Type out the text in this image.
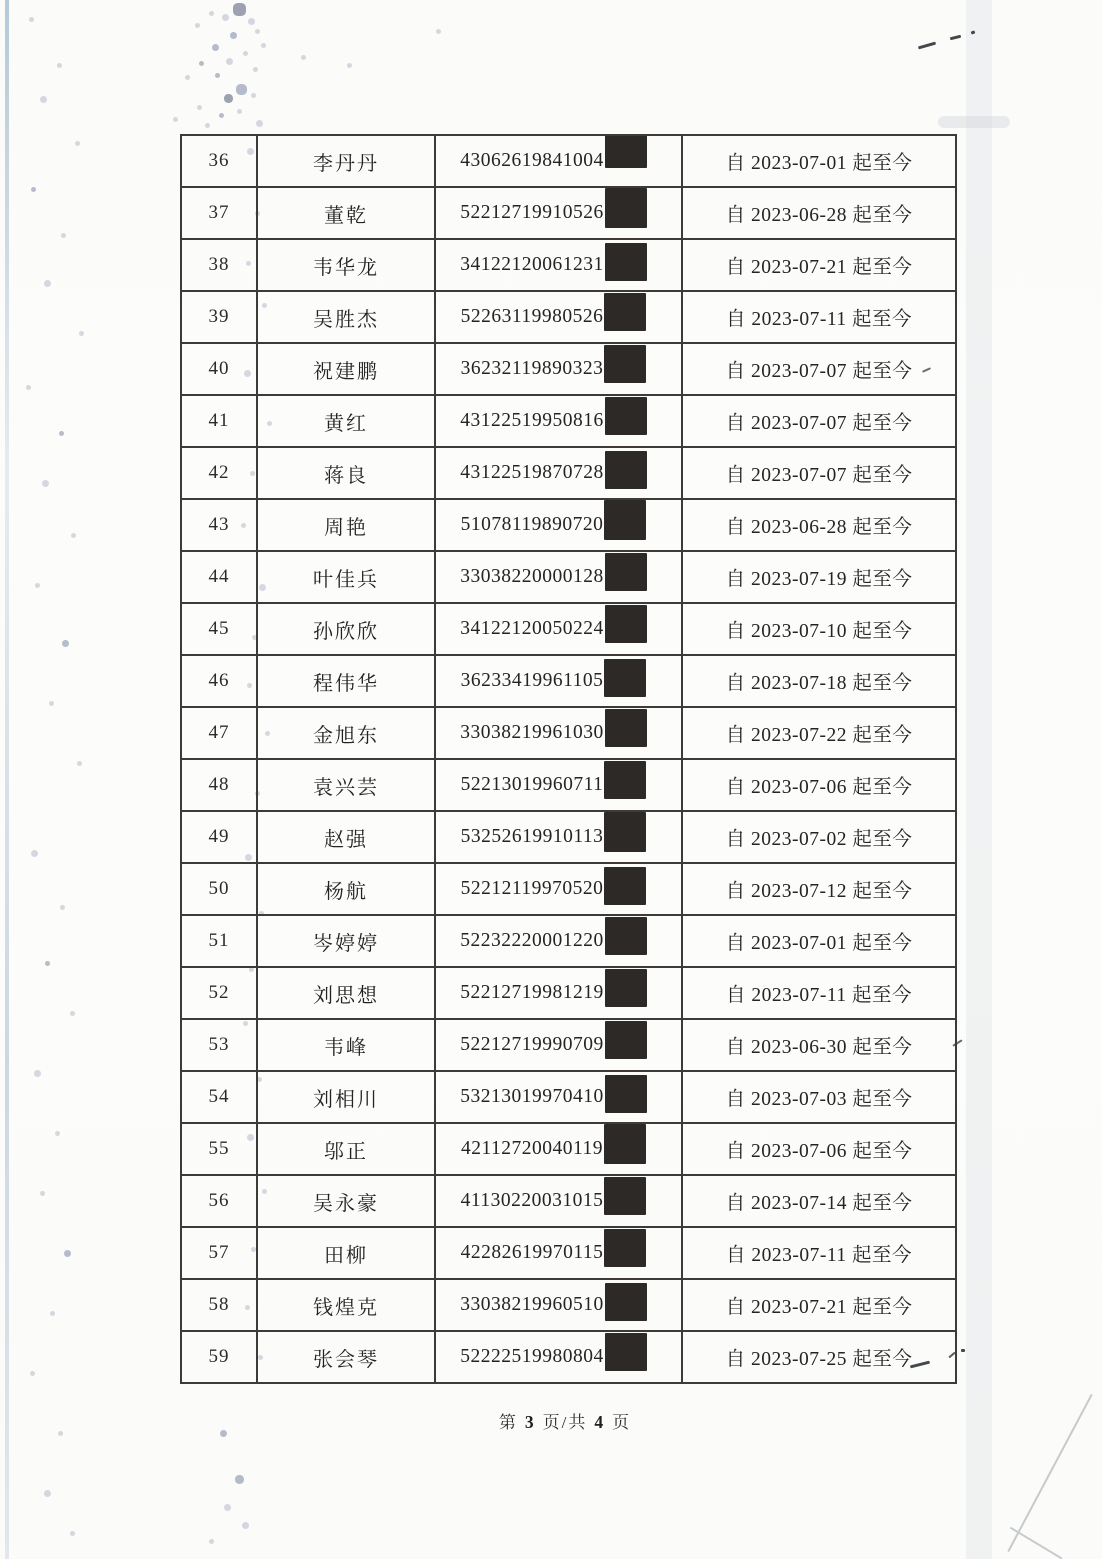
36	李丹丹	43062619841004	自 2023-07-01 起至今
37	董乾	52212719910526	自 2023-06-28 起至今
38	韦华龙	34122120061231	自 2023-07-21 起至今
39	吴胜杰	52263119980526	自 2023-07-11 起至今
40	祝建鹏	36232119890323	自 2023-07-07 起至今
41	黄红	43122519950816	自 2023-07-07 起至今
42	蒋良	43122519870728	自 2023-07-07 起至今
43	周艳	51078119890720	自 2023-06-28 起至今
44	叶佳兵	33038220000128	自 2023-07-19 起至今
45	孙欣欣	34122120050224	自 2023-07-10 起至今
46	程伟华	36233419961105	自 2023-07-18 起至今
47	金旭东	33038219961030	自 2023-07-22 起至今
48	袁兴芸	52213019960711	自 2023-07-06 起至今
49	赵强	53252619910113	自 2023-07-02 起至今
50	杨航	52212119970520	自 2023-07-12 起至今
51	岑婷婷	52232220001220	自 2023-07-01 起至今
52	刘思想	52212719981219	自 2023-07-11 起至今
53	韦峰	52212719990709	自 2023-06-30 起至今
54	刘相川	53213019970410	自 2023-07-03 起至今
55	邬正	42112720040119	自 2023-07-06 起至今
56	吴永豪	41130220031015	自 2023-07-14 起至今
57	田柳	42282619970115	自 2023-07-11 起至今
58	钱煌克	33038219960510	自 2023-07-21 起至今
59	张会琴	52222519980804	自 2023-07-25 起至今
第 3 页/共 4 页
